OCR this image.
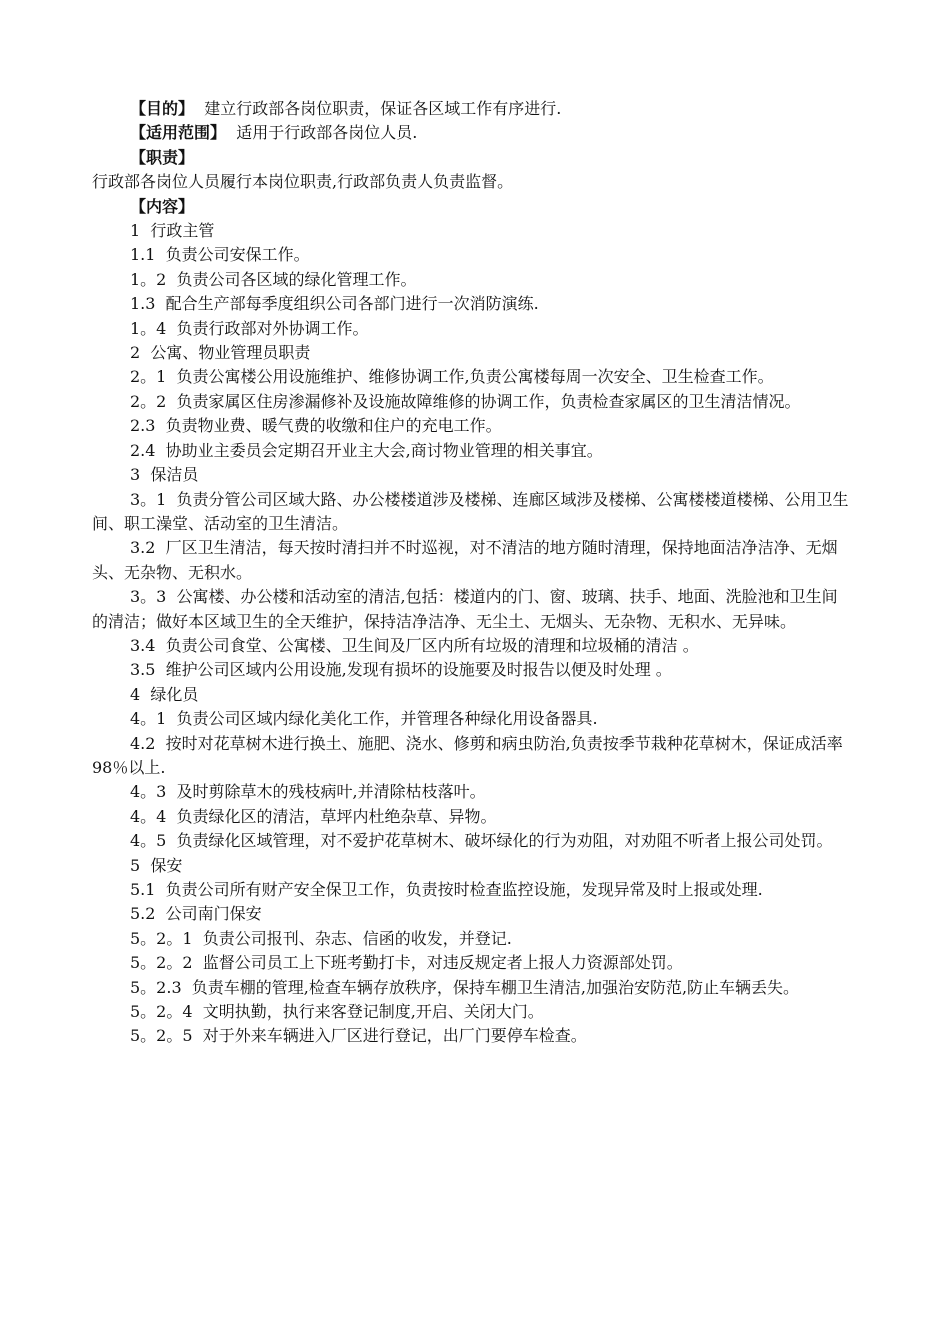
【目的】  建立行政部各岗位职责，保证各区域工作有序进行.

【适用范围】  适用于行政部各岗位人员.

【职责】

行政部各岗位人员履行本岗位职责,行政部负责人负责监督。

【内容】

1  行政主管

1.1  负责公司安保工作。

1。2  负责公司各区域的绿化管理工作。

1.3  配合生产部每季度组织公司各部门进行一次消防演练.

1。4  负责行政部对外协调工作。

2  公寓、物业管理员职责

2。1  负责公寓楼公用设施维护、维修协调工作,负责公寓楼每周一次安全、卫生检查工作。

2。2  负责家属区住房渗漏修补及设施故障维修的协调工作，负责检查家属区的卫生清洁情况。

2.3  负责物业费、暖气费的收缴和住户的充电工作。

2.4  协助业主委员会定期召开业主大会,商讨物业管理的相关事宜。

3  保洁员

3。1  负责分管公司区域大路、办公楼楼道涉及楼梯、连廊区域涉及楼梯、公寓楼楼道楼梯、公用卫生间、职工澡堂、活动室的卫生清洁。

3.2  厂区卫生清洁，每天按时清扫并不时巡视，对不清洁的地方随时清理，保持地面洁净洁净、无烟头、无杂物、无积水。

3。3  公寓楼、办公楼和活动室的清洁,包括：楼道内的门、窗、玻璃、扶手、地面、洗脸池和卫生间的清洁；做好本区域卫生的全天维护，保持洁净洁净、无尘土、无烟头、无杂物、无积水、无异味。

3.4  负责公司食堂、公寓楼、卫生间及厂区内所有垃圾的清理和垃圾桶的清洁 。

3.5  维护公司区域内公用设施,发现有损坏的设施要及时报告以便及时处理 。

4  绿化员

4。1  负责公司区域内绿化美化工作，并管理各种绿化用设备器具.

4.2  按时对花草树木进行换土、施肥、浇水、修剪和病虫防治,负责按季节栽种花草树木，保证成活率98％以上.

4。3  及时剪除草木的残枝病叶,并清除枯枝落叶。

4。4  负责绿化区的清洁，草坪内杜绝杂草、异物。

4。5  负责绿化区域管理，对不爱护花草树木、破坏绿化的行为劝阻，对劝阻不听者上报公司处罚。

5  保安

5.1  负责公司所有财产安全保卫工作，负责按时检查监控设施，发现异常及时上报或处理.

5.2  公司南门保安

5。2。1  负责公司报刊、杂志、信函的收发，并登记.

5。2。2  监督公司员工上下班考勤打卡，对违反规定者上报人力资源部处罚。

5。2.3  负责车棚的管理,检查车辆存放秩序，保持车棚卫生清洁,加强治安防范,防止车辆丢失。

5。2。4  文明执勤，执行来客登记制度,开启、关闭大门。

5。2。5  对于外来车辆进入厂区进行登记，出厂门要停车检查。
